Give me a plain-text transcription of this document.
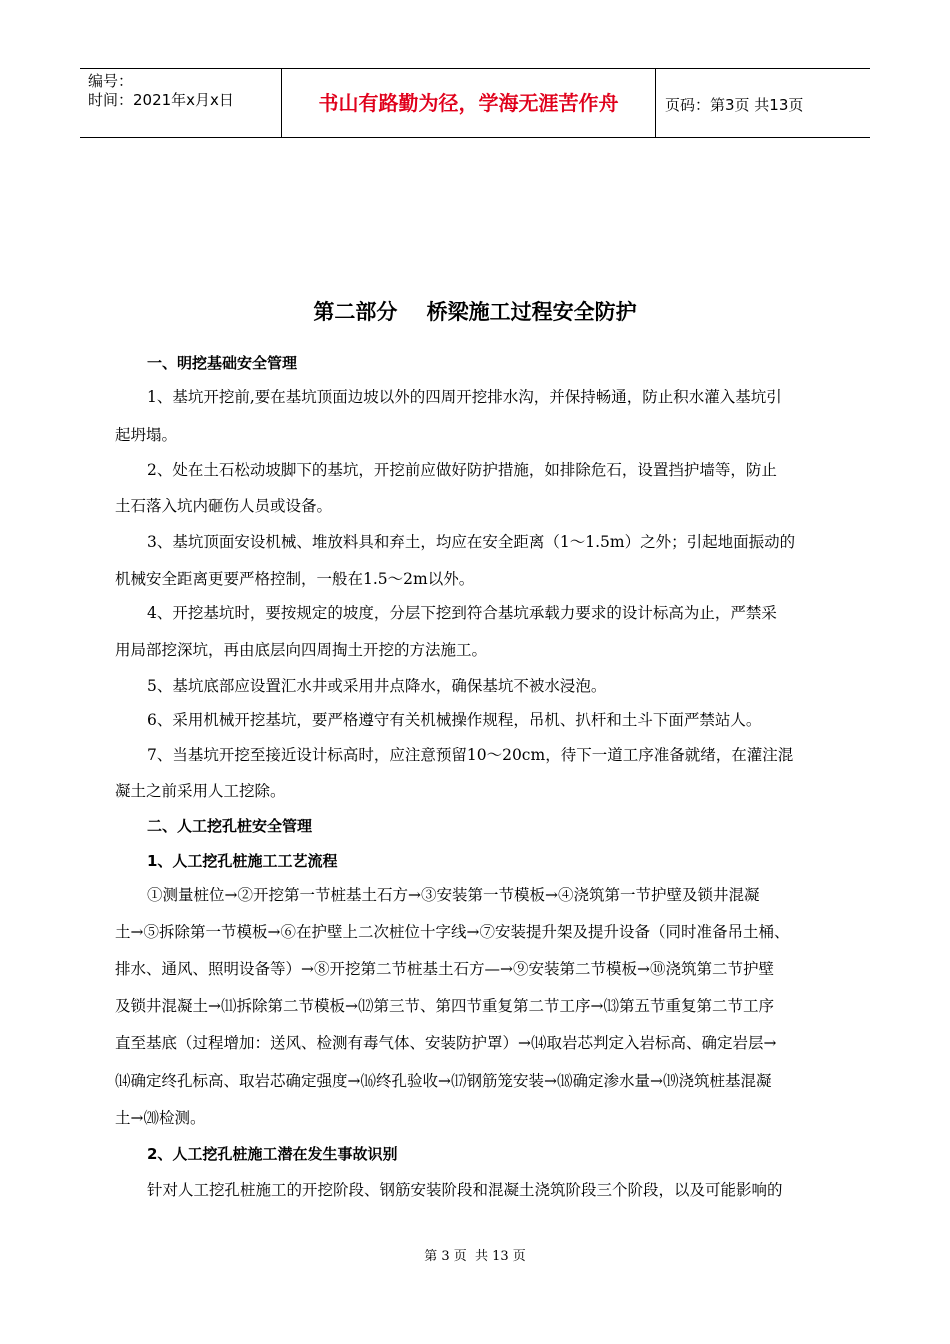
编号：
时间：2021年x月x日	书山有路勤为径，学海无涯苦作舟	页码：第3页 共13页
第二部分    桥梁施工过程安全防护
一、明挖基础安全管理
1、基坑开挖前,要在基坑顶面边坡以外的四周开挖排水沟，并保持畅通，防止积水灌入基坑引
起坍塌。
2、处在土石松动坡脚下的基坑，开挖前应做好防护措施，如排除危石，设置挡护墙等，防止
土石落入坑内砸伤人员或设备。
3、基坑顶面安设机械、堆放料具和弃土，均应在安全距离（1～1.5m）之外；引起地面振动的
机械安全距离更要严格控制，一般在1.5～2m以外。
4、开挖基坑时，要按规定的坡度，分层下挖到符合基坑承载力要求的设计标高为止，严禁采
用局部挖深坑，再由底层向四周掏土开挖的方法施工。
5、基坑底部应设置汇水井或采用井点降水，确保基坑不被水浸泡。
6、采用机械开挖基坑，要严格遵守有关机械操作规程，吊机、扒杆和土斗下面严禁站人。
7、当基坑开挖至接近设计标高时，应注意预留10～20cm，待下一道工序准备就绪，在灌注混
凝土之前采用人工挖除。
二、人工挖孔桩安全管理
1、人工挖孔桩施工工艺流程
①测量桩位→②开挖第一节桩基土石方→③安装第一节模板→④浇筑第一节护壁及锁井混凝
土→⑤拆除第一节模板→⑥在护壁上二次桩位十字线→⑦安装提升架及提升设备（同时准备吊土桶、
排水、通风、照明设备等）→⑧开挖第二节桩基土石方—→⑨安装第二节模板→⑩浇筑第二节护壁
及锁井混凝土→⑾拆除第二节模板→⑿第三节、第四节重复第二节工序→⒀第五节重复第二节工序
直至基底（过程增加：送风、检测有毒气体、安装防护罩）→⒁取岩芯判定入岩标高、确定岩层→
⒁确定终孔标高、取岩芯确定强度→⒃终孔验收→⒄钢筋笼安装→⒅确定渗水量→⒆浇筑桩基混凝
土→⒇检测。
2、人工挖孔桩施工潜在发生事故识别
针对人工挖孔桩施工的开挖阶段、钢筋安装阶段和混凝土浇筑阶段三个阶段，以及可能影响的
第 3 页  共 13 页
